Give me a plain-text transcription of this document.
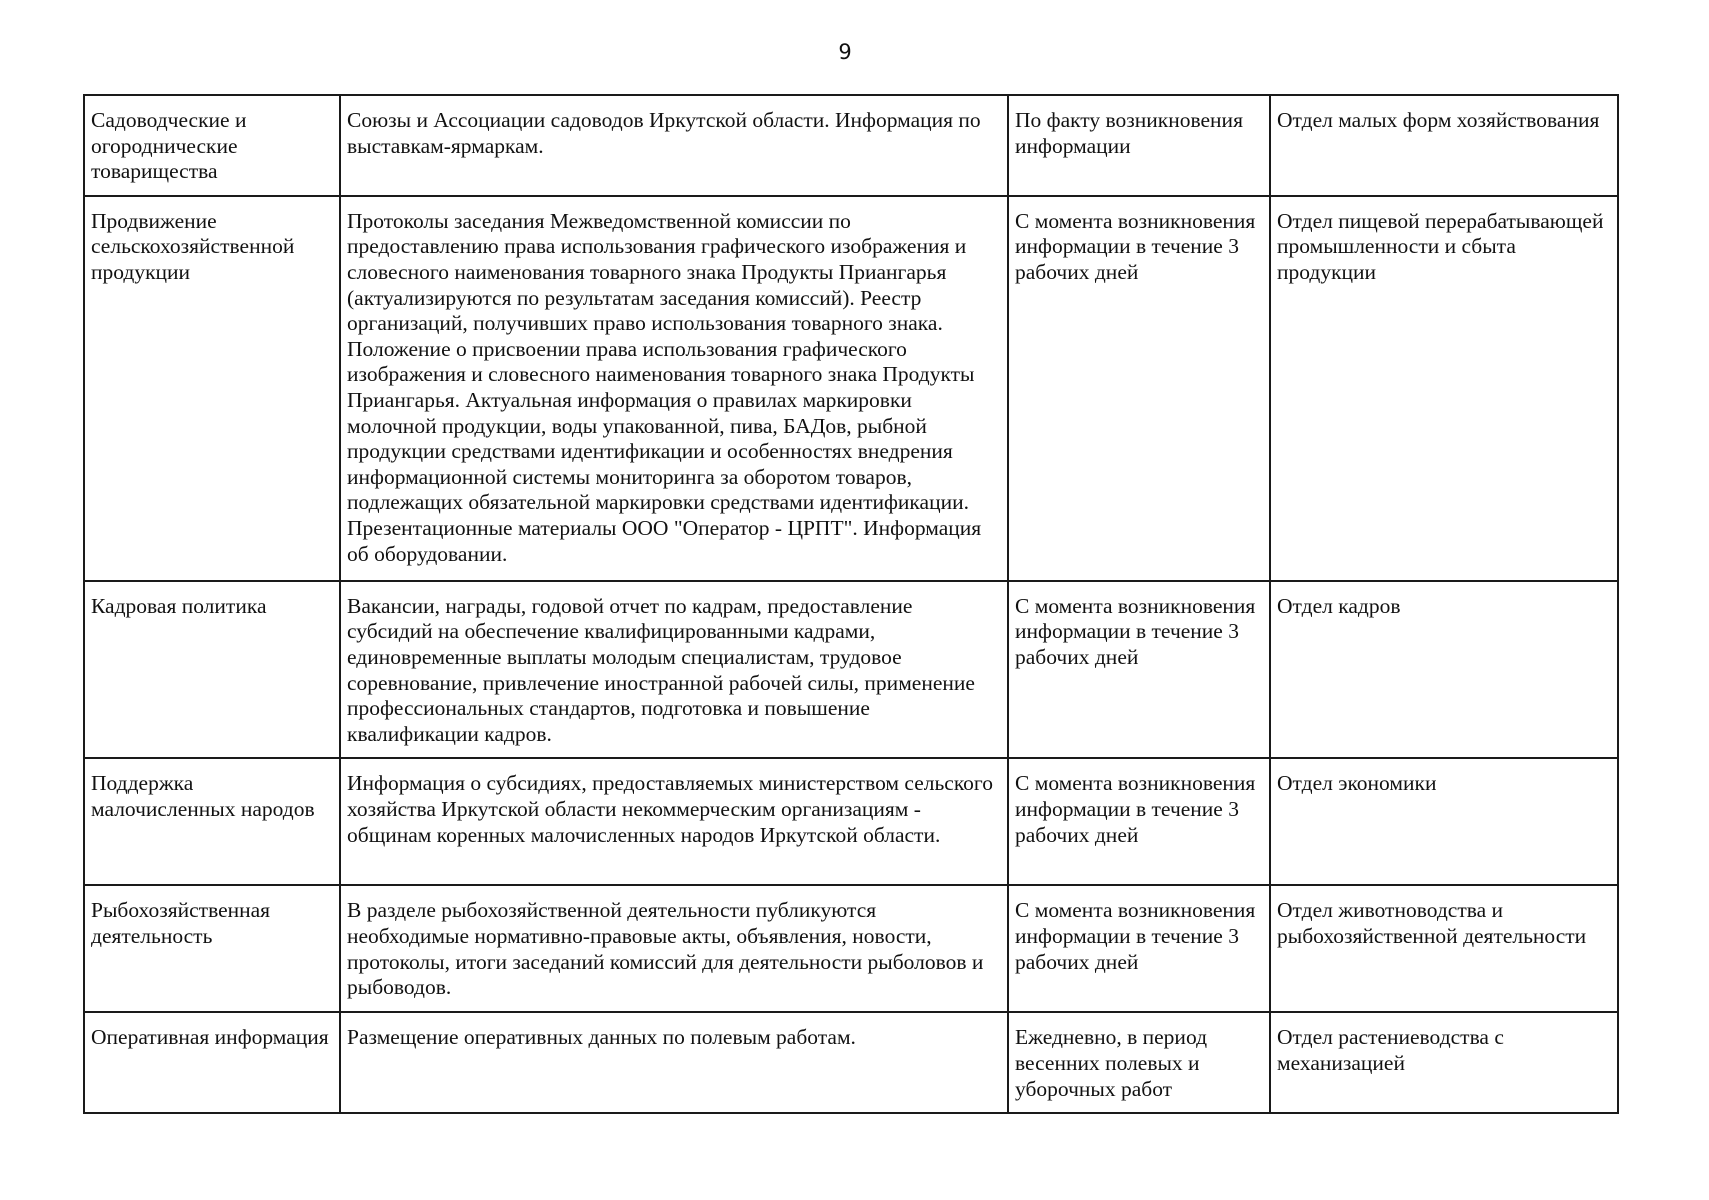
9
Садоводческие и огороднические товарищества	Союзы и Ассоциации садоводов Иркутской области. Информация по выставкам-ярмаркам.	По факту возникновения информации	Отдел малых форм хозяйствования

Продвижение сельскохозяйственной продукции	Протоколы заседания Межведомственной комиссии по предоставлению права использования графического изображения и словесного наименования товарного знака Продукты Приангарья (актуализируются по результатам заседания комиссий). Реестр организаций, получивших право использования товарного знака. Положение о присвоении права использования графического изображения и словесного наименования товарного знака Продукты Приангарья. Актуальная информация о правилах маркировки молочной продукции, воды упакованной, пива, БАДов, рыбной продукции средствами идентификации и особенностях внедрения информационной системы мониторинга за оборотом товаров, подлежащих обязательной маркировки средствами идентификации. Презентационные материалы ООО "Оператор - ЦРПТ". Информация об оборудовании.	С момента возникновения информации в течение 3 рабочих дней	Отдел пищевой перерабатывающей промышленности и сбыта продукции

Кадровая политика	Вакансии, награды, годовой отчет по кадрам, предоставление субсидий на обеспечение квалифицированными кадрами, единовременные выплаты молодым специалистам, трудовое соревнование, привлечение иностранной рабочей силы, применение профессиональных стандартов, подготовка и повышение квалификации кадров.	С момента возникновения информации в течение 3 рабочих дней	Отдел кадров

Поддержка малочисленных народов	Информация о субсидиях, предоставляемых министерством сельского хозяйства Иркутской области некоммерческим организациям - общинам коренных малочисленных народов Иркутской области.	С момента возникновения информации в течение 3 рабочих дней	Отдел экономики

Рыбохозяйственная деятельность	В разделе рыбохозяйственной деятельности публикуются необходимые нормативно-правовые акты, объявления, новости, протоколы, итоги заседаний комиссий для деятельности рыболовов и рыбоводов.	С момента возникновения информации в течение 3 рабочих дней	Отдел животноводства и рыбохозяйственной деятельности

Оперативная информация	Размещение оперативных данных по полевым работам.	Ежедневно, в период весенних полевых и уборочных работ	Отдел растениеводства с механизацией
